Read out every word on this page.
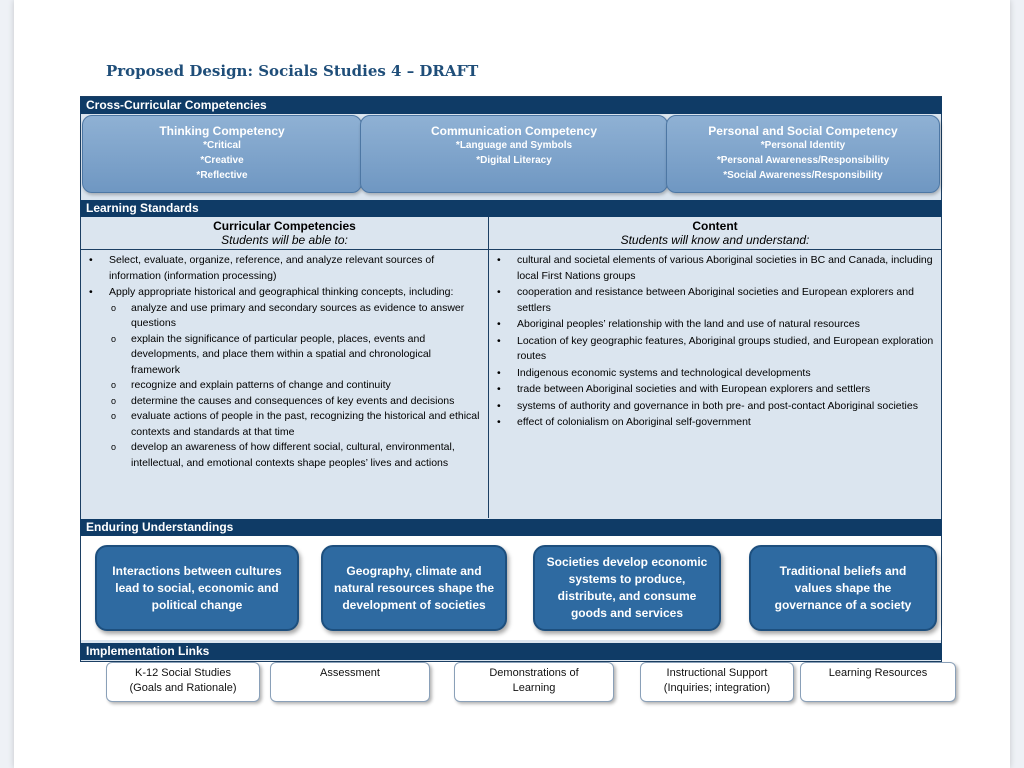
Proposed Design: Socials Studies 4 – DRAFT
Cross-Curricular Competencies
Thinking Competency
*Critical
*Creative
*Reflective
Communication Competency
*Language and Symbols
*Digital Literacy
Personal and Social Competency
*Personal Identity
*Personal Awareness/Responsibility
*Social Awareness/Responsibility
Learning Standards
Curricular Competencies
Students will be able to:
• Select, evaluate, organize, reference, and analyze relevant sources of information (information processing)
• Apply appropriate historical and geographical thinking concepts, including:
o analyze and use primary and secondary sources as evidence to answer questions
o explain the significance of particular people, places, events and developments, and place them within a spatial and chronological framework
o recognize and explain patterns of change and continuity
o determine the causes and consequences of key events and decisions
o evaluate actions of people in the past, recognizing the historical and ethical contexts and standards at that time
o develop an awareness of how different social, cultural, environmental, intellectual, and emotional contexts shape peoples’ lives and actions
Content
Students will know and understand:
• cultural and societal elements of various Aboriginal societies in BC and Canada, including local First Nations groups
• cooperation and resistance between Aboriginal societies and European explorers and settlers
• Aboriginal peoples’ relationship with the land and use of natural resources
• Location of key geographic features, Aboriginal groups studied, and European exploration routes
• Indigenous economic systems and technological developments
• trade between Aboriginal societies and with European explorers and settlers
• systems of authority and governance in both pre- and post-contact Aboriginal societies
• effect of colonialism on Aboriginal self-government
Enduring Understandings
Interactions between cultures lead to social, economic and political change
Geography, climate and natural resources shape the development of societies
Societies develop economic systems to produce, distribute, and consume goods and services
Traditional beliefs and values shape the governance of a society
Implementation Links
K-12 Social Studies
(Goals and Rationale)
Assessment	Demonstrations of
Learning
Instructional Support
(Inquiries; integration)
Learning Resources
